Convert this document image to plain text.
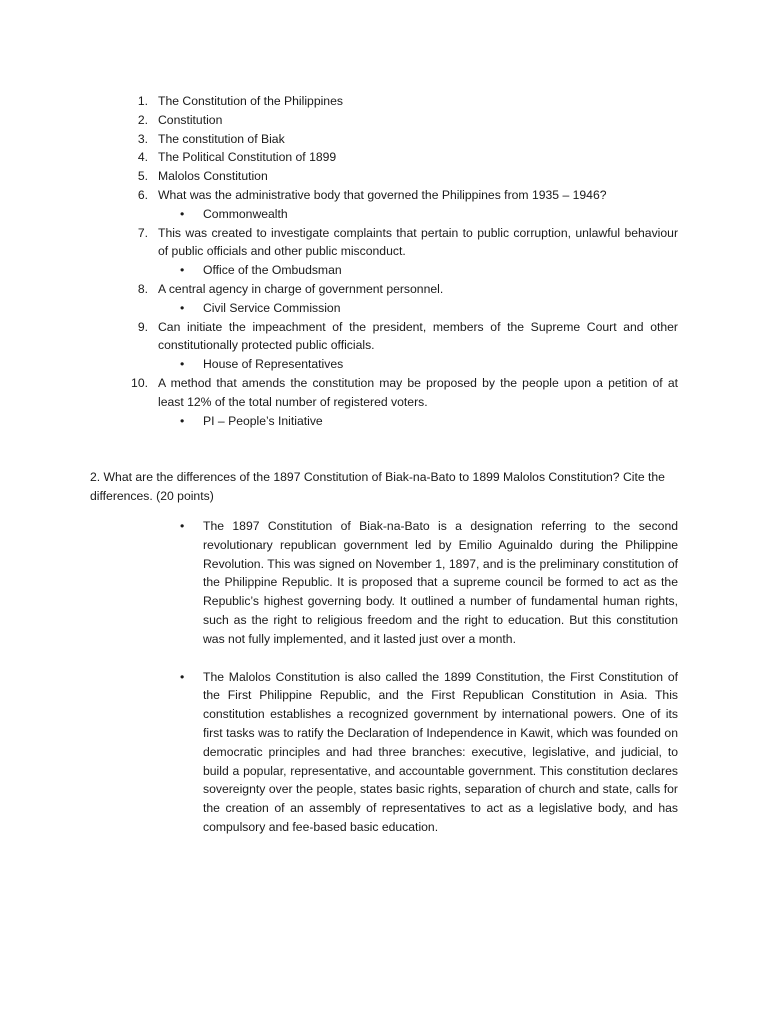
1. The Constitution of the Philippines
2. Constitution
3. The constitution of Biak
4. The Political Constitution of 1899
5. Malolos Constitution
6. What was the administrative body that governed the Philippines from 1935 – 1946?
• Commonwealth
7. This was created to investigate complaints that pertain to public corruption, unlawful behaviour of public officials and other public misconduct.
• Office of the Ombudsman
8. A central agency in charge of government personnel.
• Civil Service Commission
9. Can initiate the impeachment of the president, members of the Supreme Court and other constitutionally protected public officials.
• House of Representatives
10. A method that amends the constitution may be proposed by the people upon a petition of at least 12% of the total number of registered voters.
• PI – People’s Initiative
2. What are the differences of the 1897 Constitution of Biak-na-Bato to 1899 Malolos Constitution? Cite the differences. (20 points)
• The 1897 Constitution of Biak-na-Bato is a designation referring to the second revolutionary republican government led by Emilio Aguinaldo during the Philippine Revolution. This was signed on November 1, 1897, and is the preliminary constitution of the Philippine Republic. It is proposed that a supreme council be formed to act as the Republic’s highest governing body. It outlined a number of fundamental human rights, such as the right to religious freedom and the right to education. But this constitution was not fully implemented, and it lasted just over a month.
• The Malolos Constitution is also called the 1899 Constitution, the First Constitution of the First Philippine Republic, and the First Republican Constitution in Asia. This constitution establishes a recognized government by international powers. One of its first tasks was to ratify the Declaration of Independence in Kawit, which was founded on democratic principles and had three branches: executive, legislative, and judicial, to build a popular, representative, and accountable government. This constitution declares sovereignty over the people, states basic rights, separation of church and state, calls for the creation of an assembly of representatives to act as a legislative body, and has compulsory and fee-based basic education.
